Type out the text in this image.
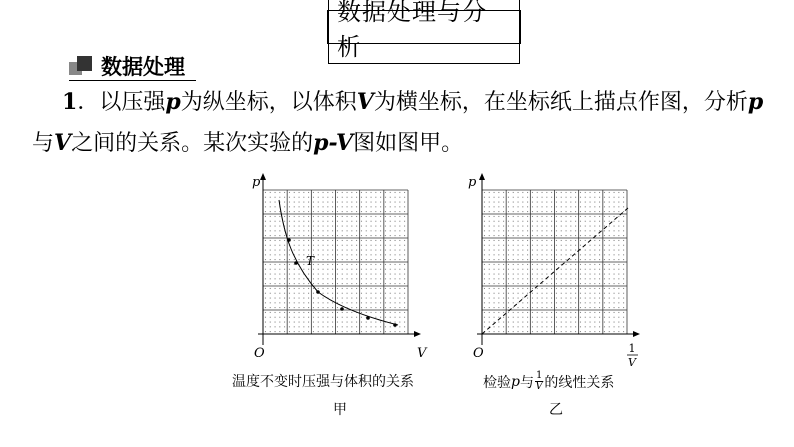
数据处理与分析
数据处理
1．以压强p为纵坐标，以体积V为横坐标，在坐标纸上描点作图，分析p与V之间的关系。某次实验的p-V图如图甲。
p
V
O
T
p
O	1
V
温度不变时压强与体积的关系
甲
检验 p 与 1
V 的线性关系
乙
